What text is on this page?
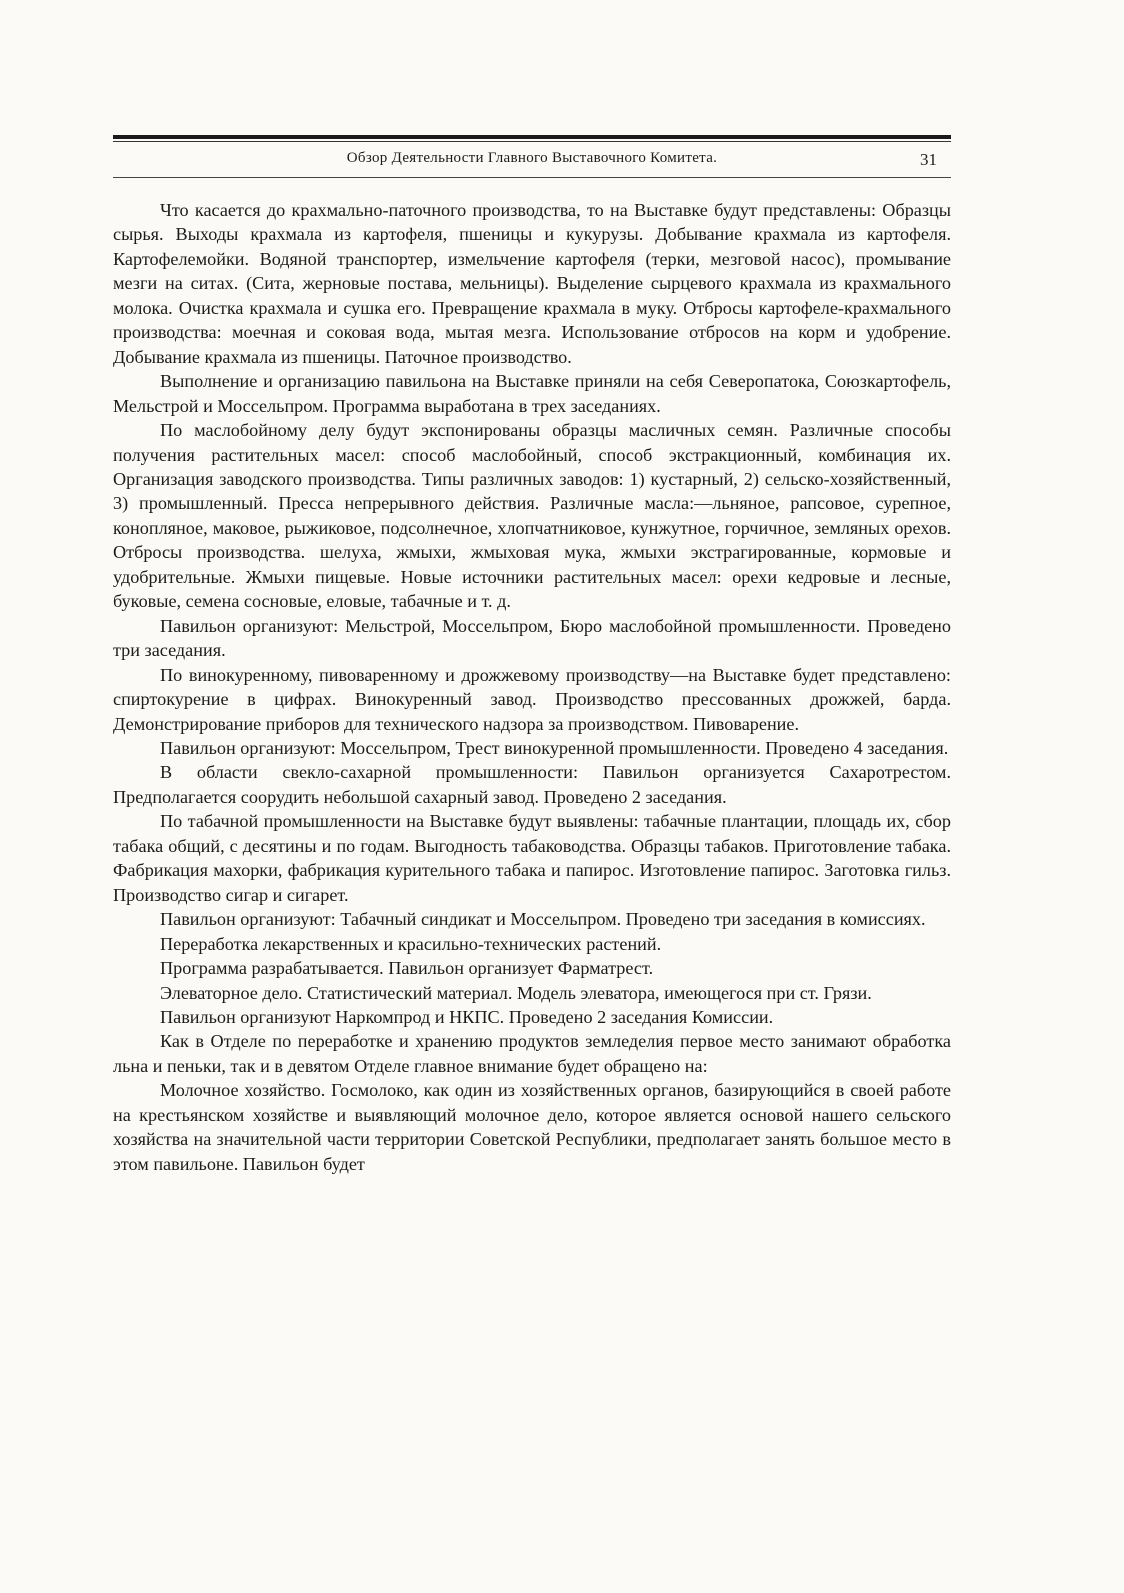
Обзор Деятельности Главного Выставочного Комитета.	31

Что касается до крахмально-паточного производства, то на Выставке будут представлены: Образцы сырья. Выходы крахмала из картофеля, пшеницы и кукурузы. Добывание крахмала из картофеля. Картофелемойки. Водяной транспортер, измельчение картофеля (терки, мезговой насос), промывание мезги на ситах. (Сита, жерновые постава, мельницы). Выделение сырцевого крахмала из крахмального молока. Очистка крахмала и сушка его. Превращение крахмала в муку. Отбросы картофеле-крахмального производства: моечная и соковая вода, мытая мезга. Использование отбросов на корм и удобрение. Добывание крахмала из пшеницы. Паточное производство.

Выполнение и организацию павильона на Выставке приняли на себя Северопатока, Союзкартофель, Мельстрой и Моссельпром. Программа выработана в трех заседаниях.

По маслобойному делу будут экспонированы образцы масличных семян. Различные способы получения растительных масел: способ маслобойный, способ экстракционный, комбинация их. Организация заводского производства. Типы различных заводов: 1) кустарный, 2) сельско-хозяйственный, 3) промышленный. Пресса непрерывного действия. Различные масла:—льняное, рапсовое, сурепное, конопляное, маковое, рыжиковое, подсолнечное, хлопчатниковое, кунжутное, горчичное, земляных орехов. Отбросы производства. шелуха, жмыхи, жмыховая мука, жмыхи экстрагированные, кормовые и удобрительные. Жмыхи пищевые. Новые источники растительных масел: орехи кедровые и лесные, буковые, семена сосновые, еловые, табачные и т. д.

Павильон организуют: Мельстрой, Моссельпром, Бюро маслобойной промышленности. Проведено три заседания.

По винокуренному, пивоваренному и дрожжевому производству—на Выставке будет представлено: спиртокурение в цифрах. Винокуренный завод. Производство прессованных дрожжей, барда. Демонстрирование приборов для технического надзора за производством. Пивоварение.

Павильон организуют: Моссельпром, Трест винокуренной промышленности. Проведено 4 заседания.

В области свекло-сахарной промышленности: Павильон организуется Сахаротрестом. Предполагается соорудить небольшой сахарный завод. Проведено 2 заседания.

По табачной промышленности на Выставке будут выявлены: табачные плантации, площадь их, сбор табака общий, с десятины и по годам. Выгодность табаководства. Образцы табаков. Приготовление табака. Фабрикация махорки, фабрикация курительного табака и папирос. Изготовление папирос. Заготовка гильз. Производство сигар и сигарет.

Павильон организуют: Табачный синдикат и Моссельпром. Проведено три заседания в комиссиях.

Переработка лекарственных и красильно-технических растений.

Программа разрабатывается. Павильон организует Фарматрест.

Элеваторное дело. Статистический материал. Модель элеватора, имеющегося при ст. Грязи.

Павильон организуют Наркомпрод и НКПС. Проведено 2 заседания Комиссии.

Как в Отделе по переработке и хранению продуктов земледелия первое место занимают обработка льна и пеньки, так и в девятом Отделе главное внимание будет обращено на:

Молочное хозяйство. Госмолоко, как один из хозяйственных органов, базирующийся в своей работе на крестьянском хозяйстве и выявляющий молочное дело, которое является основой нашего сельского хозяйства на значительной части территории Советской Республики, предполагает занять большое место в этом павильоне. Павильон будет
